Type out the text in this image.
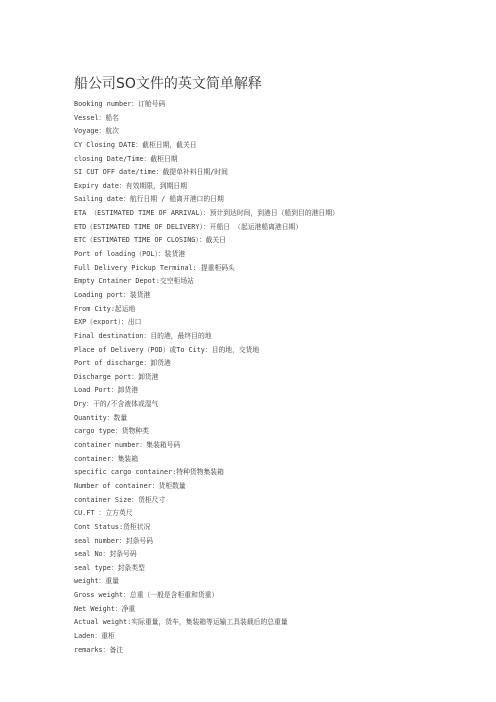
船公司SO文件的英文简单解释
Booking number：订舱号码
Vessel：船名
Voyage：航次
CY Closing DATE：截柜日期，截关日
closing Date/Time：截柜日期
SI CUT OFF date/time：截提单补料日期/时间
Expiry date：有效期限，到期日期
Sailing date：航行日期 / 船离开港口的日期
ETA （ESTIMATED TIME OF ARRIVAL）：预计到达时间，到港日（船到目的港日期）
ETD（ESTIMATED TIME OF DELIVERY）：开船日 （起运港船离港日期）
ETC（ESTIMATED TIME OF CLOSING）：截关日
Port of loading（POL）：装货港
Full Delivery Pickup Terminal: 提重柜码头
Empty Cntainer Depot:交空柜场站
Loading port：装货港
From City:起运地
EXP（export）：出口
Final destination：目的港，最终目的地
Place of Delivery（POD）或To City：目的地，交货地
Port of discharge：卸货港
Discharge port：卸货港
Load Port：卸货港
Dry：干的/不含液体或湿气
Quantity：数量
cargo type：货物种类
container number：集装箱号码
container：集装箱
specific cargo container:特种货物集装箱
Number of container：货柜数量
container Size：货柜尺寸
CU.FT ：立方英尺
Cont Status:货柜状况
seal number：封条号码
seal No：封条号码
seal type：封条类型
weight：重量
Gross weight：总重（一般是含柜重和货重）
Net Weight：净重
Actual weight:实际重量，货车，集装箱等运输工具装载后的总重量
Laden：重柜
remarks：备注
